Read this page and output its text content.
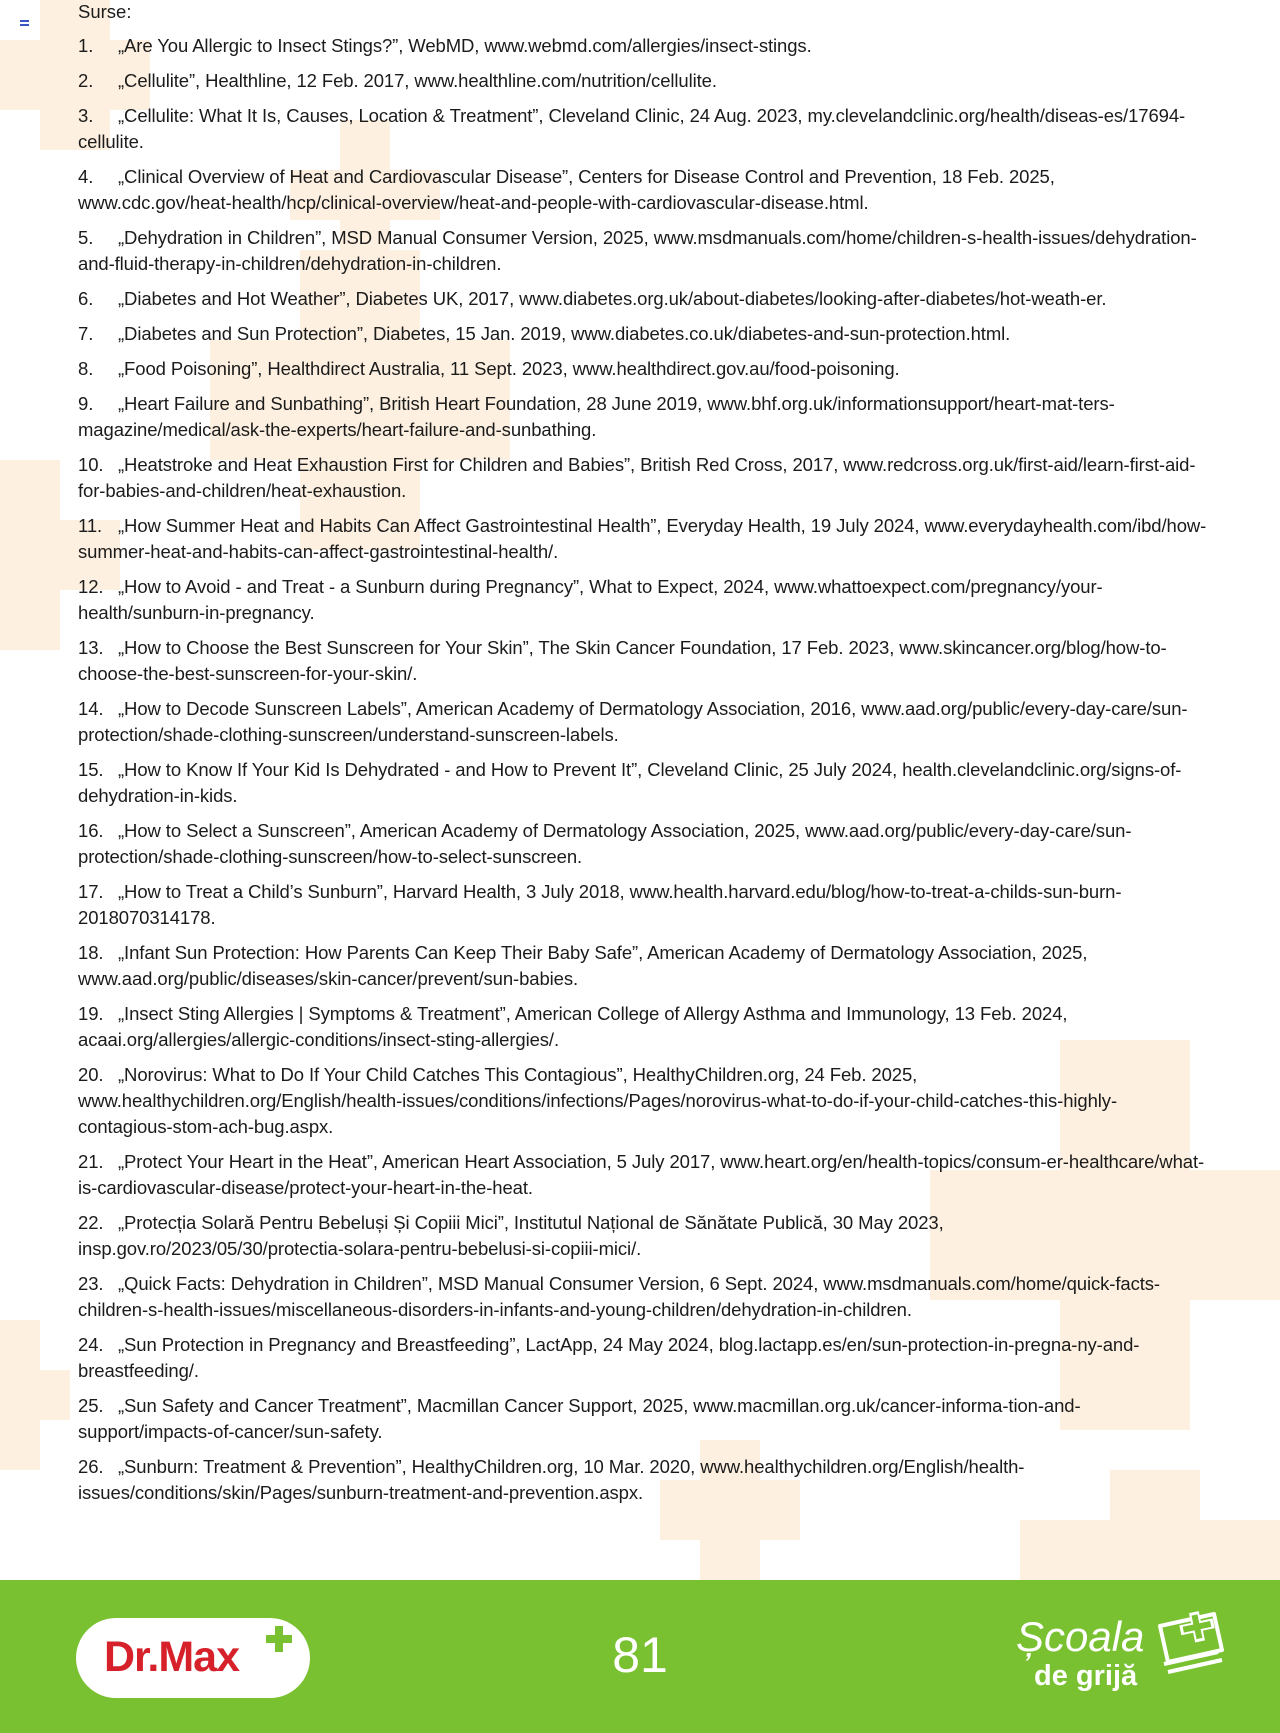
Surse:
1. „Are You Allergic to Insect Stings?”, WebMD, www.webmd.com/allergies/insect-stings.
2. „Cellulite”, Healthline, 12 Feb. 2017, www.healthline.com/nutrition/cellulite.
3. „Cellulite: What It Is, Causes, Location & Treatment”, Cleveland Clinic, 24 Aug. 2023, my.clevelandclinic.org/health/diseas-es/17694-cellulite.
4. „Clinical Overview of Heat and Cardiovascular Disease”, Centers for Disease Control and Prevention, 18 Feb. 2025, www.cdc.gov/heat-health/hcp/clinical-overview/heat-and-people-with-cardiovascular-disease.html.
5. „Dehydration in Children”, MSD Manual Consumer Version, 2025, www.msdmanuals.com/home/children-s-health-issues/dehydration-and-fluid-therapy-in-children/dehydration-in-children.
6. „Diabetes and Hot Weather”, Diabetes UK, 2017, www.diabetes.org.uk/about-diabetes/looking-after-diabetes/hot-weath-er.
7. „Diabetes and Sun Protection”, Diabetes, 15 Jan. 2019, www.diabetes.co.uk/diabetes-and-sun-protection.html.
8. „Food Poisoning”, Healthdirect Australia, 11 Sept. 2023, www.healthdirect.gov.au/food-poisoning.
9. „Heart Failure and Sunbathing”, British Heart Foundation, 28 June 2019, www.bhf.org.uk/informationsupport/heart-mat-ters-magazine/medical/ask-the-experts/heart-failure-and-sunbathing.
10. „Heatstroke and Heat Exhaustion First for Children and Babies”, British Red Cross, 2017, www.redcross.org.uk/first-aid/learn-first-aid-for-babies-and-children/heat-exhaustion.
11. „How Summer Heat and Habits Can Affect Gastrointestinal Health”, Everyday Health, 19 July 2024, www.everydayhealth.com/ibd/how-summer-heat-and-habits-can-affect-gastrointestinal-health/.
12. „How to Avoid - and Treat - a Sunburn during Pregnancy”, What to Expect, 2024, www.whattoexpect.com/pregnancy/your-health/sunburn-in-pregnancy.
13. „How to Choose the Best Sunscreen for Your Skin”, The Skin Cancer Foundation, 17 Feb. 2023, www.skincancer.org/blog/how-to-choose-the-best-sunscreen-for-your-skin/.
14. „How to Decode Sunscreen Labels”, American Academy of Dermatology Association, 2016, www.aad.org/public/every-day-care/sun-protection/shade-clothing-sunscreen/understand-sunscreen-labels.
15. „How to Know If Your Kid Is Dehydrated - and How to Prevent It”, Cleveland Clinic, 25 July 2024, health.clevelandclinic.org/signs-of-dehydration-in-kids.
16. „How to Select a Sunscreen”, American Academy of Dermatology Association, 2025, www.aad.org/public/every-day-care/sun-protection/shade-clothing-sunscreen/how-to-select-sunscreen.
17. „How to Treat a Child’s Sunburn”, Harvard Health, 3 July 2018, www.health.harvard.edu/blog/how-to-treat-a-childs-sun-burn-2018070314178.
18. „Infant Sun Protection: How Parents Can Keep Their Baby Safe”, American Academy of Dermatology Association, 2025, www.aad.org/public/diseases/skin-cancer/prevent/sun-babies.
19. „Insect Sting Allergies | Symptoms & Treatment”, American College of Allergy Asthma and Immunology, 13 Feb. 2024, acaai.org/allergies/allergic-conditions/insect-sting-allergies/.
20. „Norovirus: What to Do If Your Child Catches This Contagious”, HealthyChildren.org, 24 Feb. 2025, www.healthychildren.org/English/health-issues/conditions/infections/Pages/norovirus-what-to-do-if-your-child-catches-this-highly-contagious-stom-ach-bug.aspx.
21. „Protect Your Heart in the Heat”, American Heart Association, 5 July 2017, www.heart.org/en/health-topics/consum-er-healthcare/what-is-cardiovascular-disease/protect-your-heart-in-the-heat.
22. „Protecția Solară Pentru Bebeluși Și Copiii Mici”, Institutul Național de Sănătate Publică, 30 May 2023, insp.gov.ro/2023/05/30/protectia-solara-pentru-bebelusi-si-copiii-mici/.
23. „Quick Facts: Dehydration in Children”, MSD Manual Consumer Version, 6 Sept. 2024, www.msdmanuals.com/home/quick-facts-children-s-health-issues/miscellaneous-disorders-in-infants-and-young-children/dehydration-in-children.
24. „Sun Protection in Pregnancy and Breastfeeding”, LactApp, 24 May 2024, blog.lactapp.es/en/sun-protection-in-pregna-ny-and-breastfeeding/.
25. „Sun Safety and Cancer Treatment”, Macmillan Cancer Support, 2025, www.macmillan.org.uk/cancer-informa-tion-and-support/impacts-of-cancer/sun-safety.
26. „Sunburn: Treatment & Prevention”, HealthyChildren.org, 10 Mar. 2020, www.healthychildren.org/English/health-issues/conditions/skin/Pages/sunburn-treatment-and-prevention.aspx.
Dr.Max	81	Școala
de grijă
